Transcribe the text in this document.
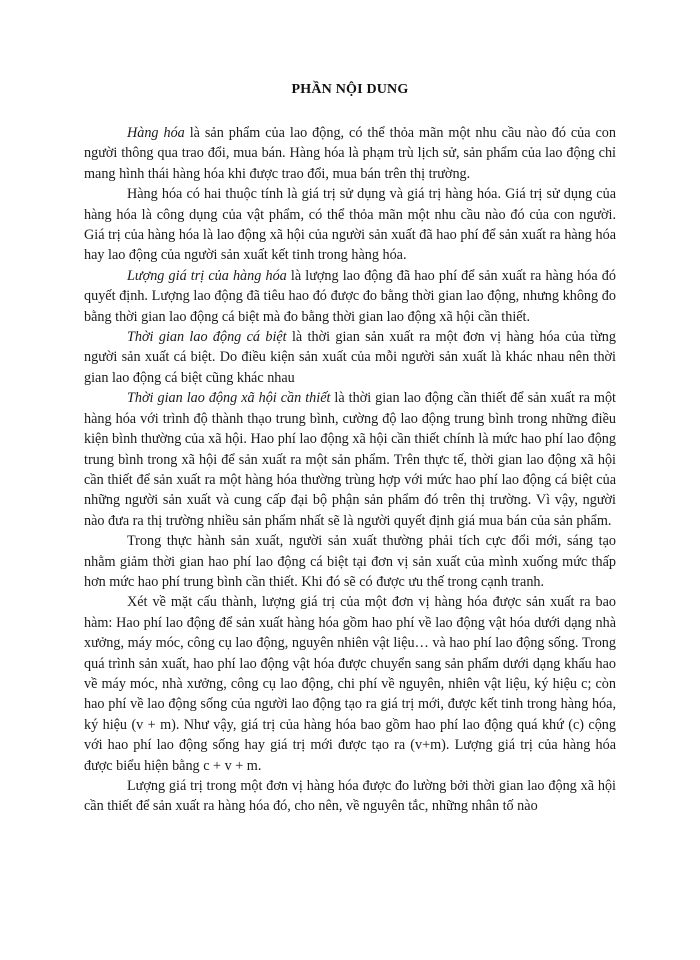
PHẦN NỘI DUNG

Hàng hóa là sản phẩm của lao động, có thể thỏa mãn một nhu cầu nào đó của con người thông qua trao đổi, mua bán. Hàng hóa là phạm trù lịch sử, sản phẩm của lao động chỉ mang hình thái hàng hóa khi được trao đổi, mua bán trên thị trường.

Hàng hóa có hai thuộc tính là giá trị sử dụng và giá trị hàng hóa. Giá trị sử dụng của hàng hóa là công dụng của vật phẩm, có thể thỏa mãn một nhu cầu nào đó của con người. Giá trị của hàng hóa là lao động xã hội của người sản xuất đã hao phí để sản xuất ra hàng hóa hay lao động của người sản xuất kết tinh trong hàng hóa.

Lượng giá trị của hàng hóa là lượng lao động đã hao phí để sản xuất ra hàng hóa đó quyết định. Lượng lao động đã tiêu hao đó được đo bằng thời gian lao động, nhưng không đo bằng thời gian lao động cá biệt mà đo bằng thời gian lao động xã hội cần thiết.

Thời gian lao động cá biệt là thời gian sản xuất ra một đơn vị hàng hóa của từng người sản xuất cá biệt. Do điều kiện sản xuất của mỗi người sản xuất là khác nhau nên thời gian lao động cá biệt cũng khác nhau

Thời gian lao động xã hội cần thiết là thời gian lao động cần thiết để sản xuất ra một hàng hóa với trình độ thành thạo trung bình, cường độ lao động trung bình trong những điều kiện bình thường của xã hội. Hao phí lao động xã hội cần thiết chính là mức hao phí lao động trung bình trong xã hội để sản xuất ra một sản phẩm. Trên thực tế, thời gian lao động xã hội cần thiết để sản xuất ra một hàng hóa thường trùng hợp với mức hao phí lao động cá biệt của những người sản xuất và cung cấp đại bộ phận sản phẩm đó trên thị trường. Vì vậy, người nào đưa ra thị trường nhiều sản phẩm nhất sẽ là người quyết định giá mua bán của sản phẩm.

Trong thực hành sản xuất, người sản xuất thường phải tích cực đổi mới, sáng tạo nhằm giảm thời gian hao phí lao động cá biệt tại đơn vị sản xuất của mình xuống mức thấp hơn mức hao phí trung bình cần thiết. Khi đó sẽ có được ưu thế trong cạnh tranh.

Xét về mặt cấu thành, lượng giá trị của một đơn vị hàng hóa được sản xuất ra bao hàm: Hao phí lao động để sản xuất hàng hóa gồm hao phí về lao động vật hóa dưới dạng nhà xưởng, máy móc, công cụ lao động, nguyên nhiên vật liệu… và hao phí lao động sống. Trong quá trình sản xuất, hao phí lao động vật hóa được chuyển sang sản phẩm dưới dạng khấu hao về máy móc, nhà xưởng, công cụ lao động, chi phí về nguyên, nhiên vật liệu, ký hiệu c; còn hao phí về lao động sống của người lao động tạo ra giá trị mới, được kết tinh trong hàng hóa, ký hiệu (v + m). Như vậy, giá trị của hàng hóa bao gồm hao phí lao động quá khứ (c) cộng với hao phí lao động sống hay giá trị mới được tạo ra (v+m). Lượng giá trị của hàng hóa được biểu hiện bằng c + v + m.

Lượng giá trị trong một đơn vị hàng hóa được đo lường bởi thời gian lao động xã hội cần thiết để sản xuất ra hàng hóa đó, cho nên, về nguyên tắc, những nhân tố nào
